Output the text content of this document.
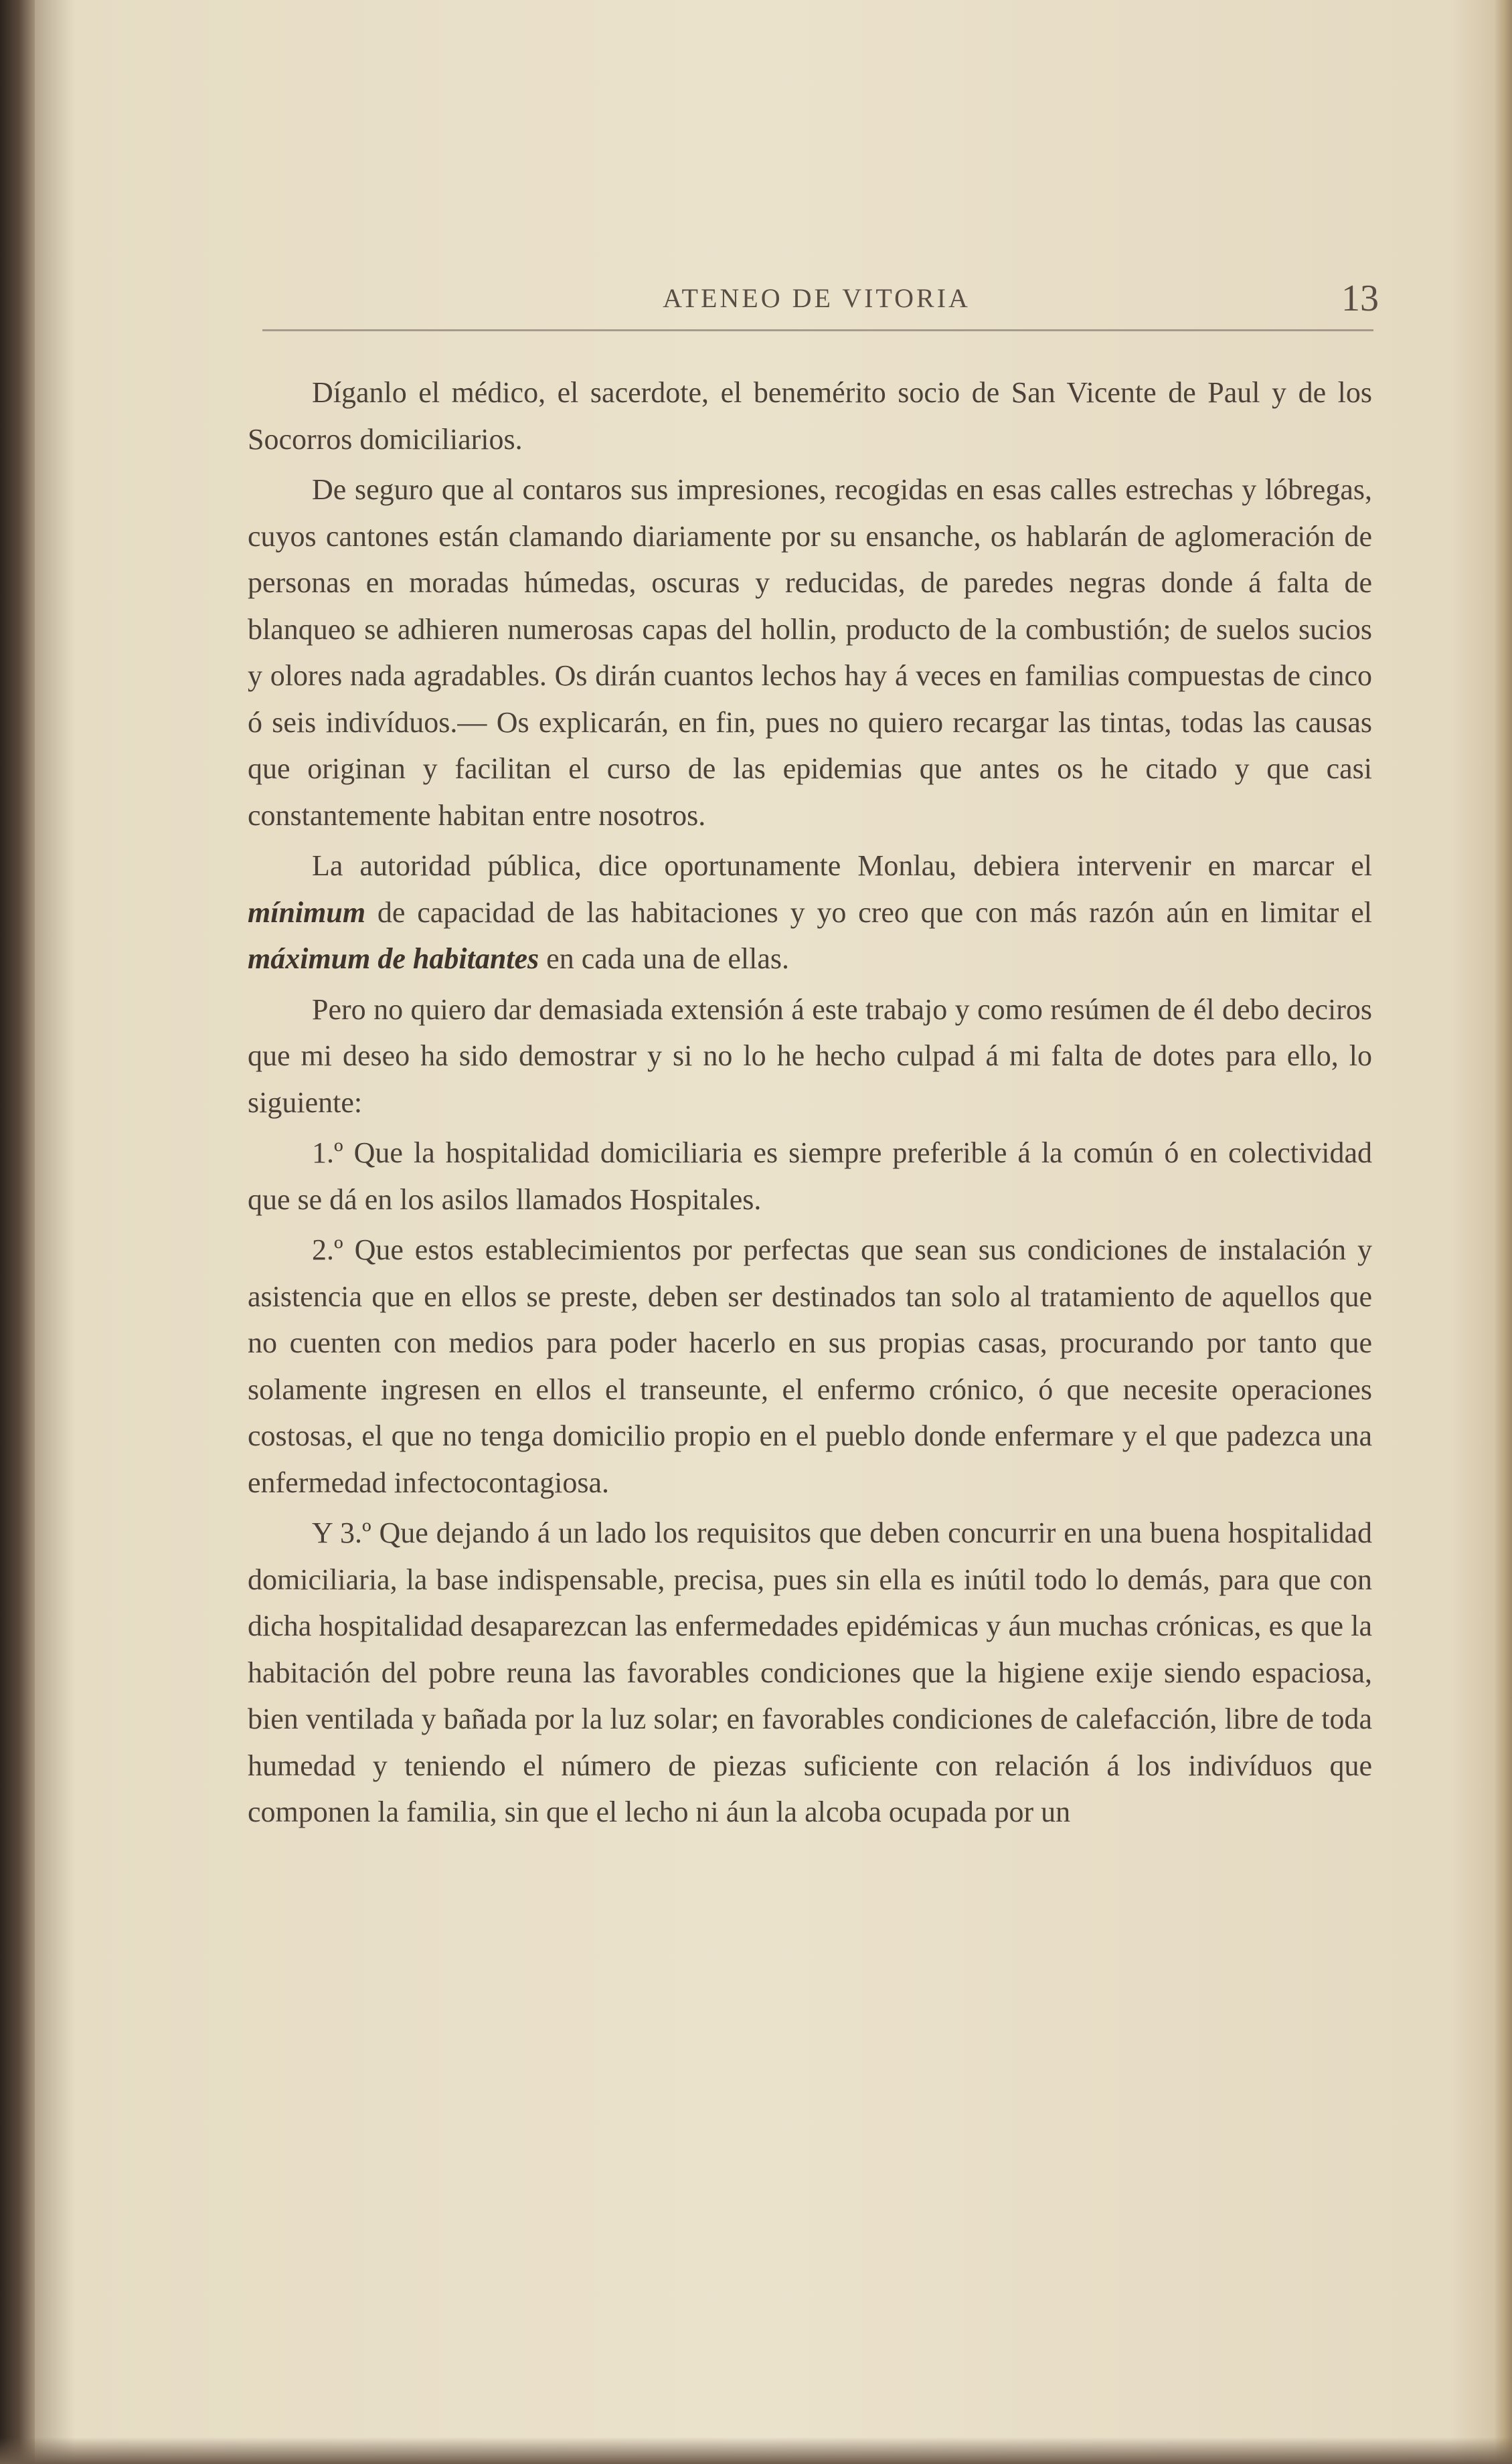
ATENEO DE VITORIA	13

Díganlo el médico, el sacerdote, el benemérito socio de San Vicente de Paul y de los Socorros domiciliarios.

De seguro que al contaros sus impresiones, recogidas en esas calles estrechas y lóbregas, cuyos cantones están clamando diariamente por su ensanche, os hablarán de aglomeración de personas en moradas húmedas, oscuras y reducidas, de paredes negras donde á falta de blanqueo se adhieren numerosas capas del hollin, producto de la combustión; de suelos sucios y olores nada agradables. Os dirán cuantos lechos hay á veces en familias compuestas de cinco ó seis indivíduos.— Os explicarán, en fin, pues no quiero recargar las tintas, todas las causas que originan y facilitan el curso de las epidemias que antes os he citado y que casi constantemente habitan entre nosotros.

La autoridad pública, dice oportunamente Monlau, debiera intervenir en marcar el mínimum de capacidad de las habitaciones y yo creo que con más razón aún en limitar el máximum de habitantes en cada una de ellas.

Pero no quiero dar demasiada extensión á este trabajo y como resúmen de él debo deciros que mi deseo ha sido demostrar y si no lo he hecho culpad á mi falta de dotes para ello, lo siguiente:

1.º Que la hospitalidad domiciliaria es siempre preferible á la común ó en colectividad que se dá en los asilos llamados Hospitales.

2.º Que estos establecimientos por perfectas que sean sus condiciones de instalación y asistencia que en ellos se preste, deben ser destinados tan solo al tratamiento de aquellos que no cuenten con medios para poder hacerlo en sus propias casas, procurando por tanto que solamente ingresen en ellos el transeunte, el enfermo crónico, ó que necesite operaciones costosas, el que no tenga domicilio propio en el pueblo donde enfermare y el que padezca una enfermedad infectocontagiosa.

Y 3.º Que dejando á un lado los requisitos que deben concurrir en una buena hospitalidad domiciliaria, la base indispensable, precisa, pues sin ella es inútil todo lo demás, para que con dicha hospitalidad desaparezcan las enfermedades epidémicas y áun muchas crónicas, es que la habitación del pobre reuna las favorables condiciones que la higiene exije siendo espaciosa, bien ventilada y bañada por la luz solar; en favorables condiciones de calefacción, libre de toda humedad y teniendo el número de piezas suficiente con relación á los indivíduos que componen la familia, sin que el lecho ni áun la alcoba ocupada por un
